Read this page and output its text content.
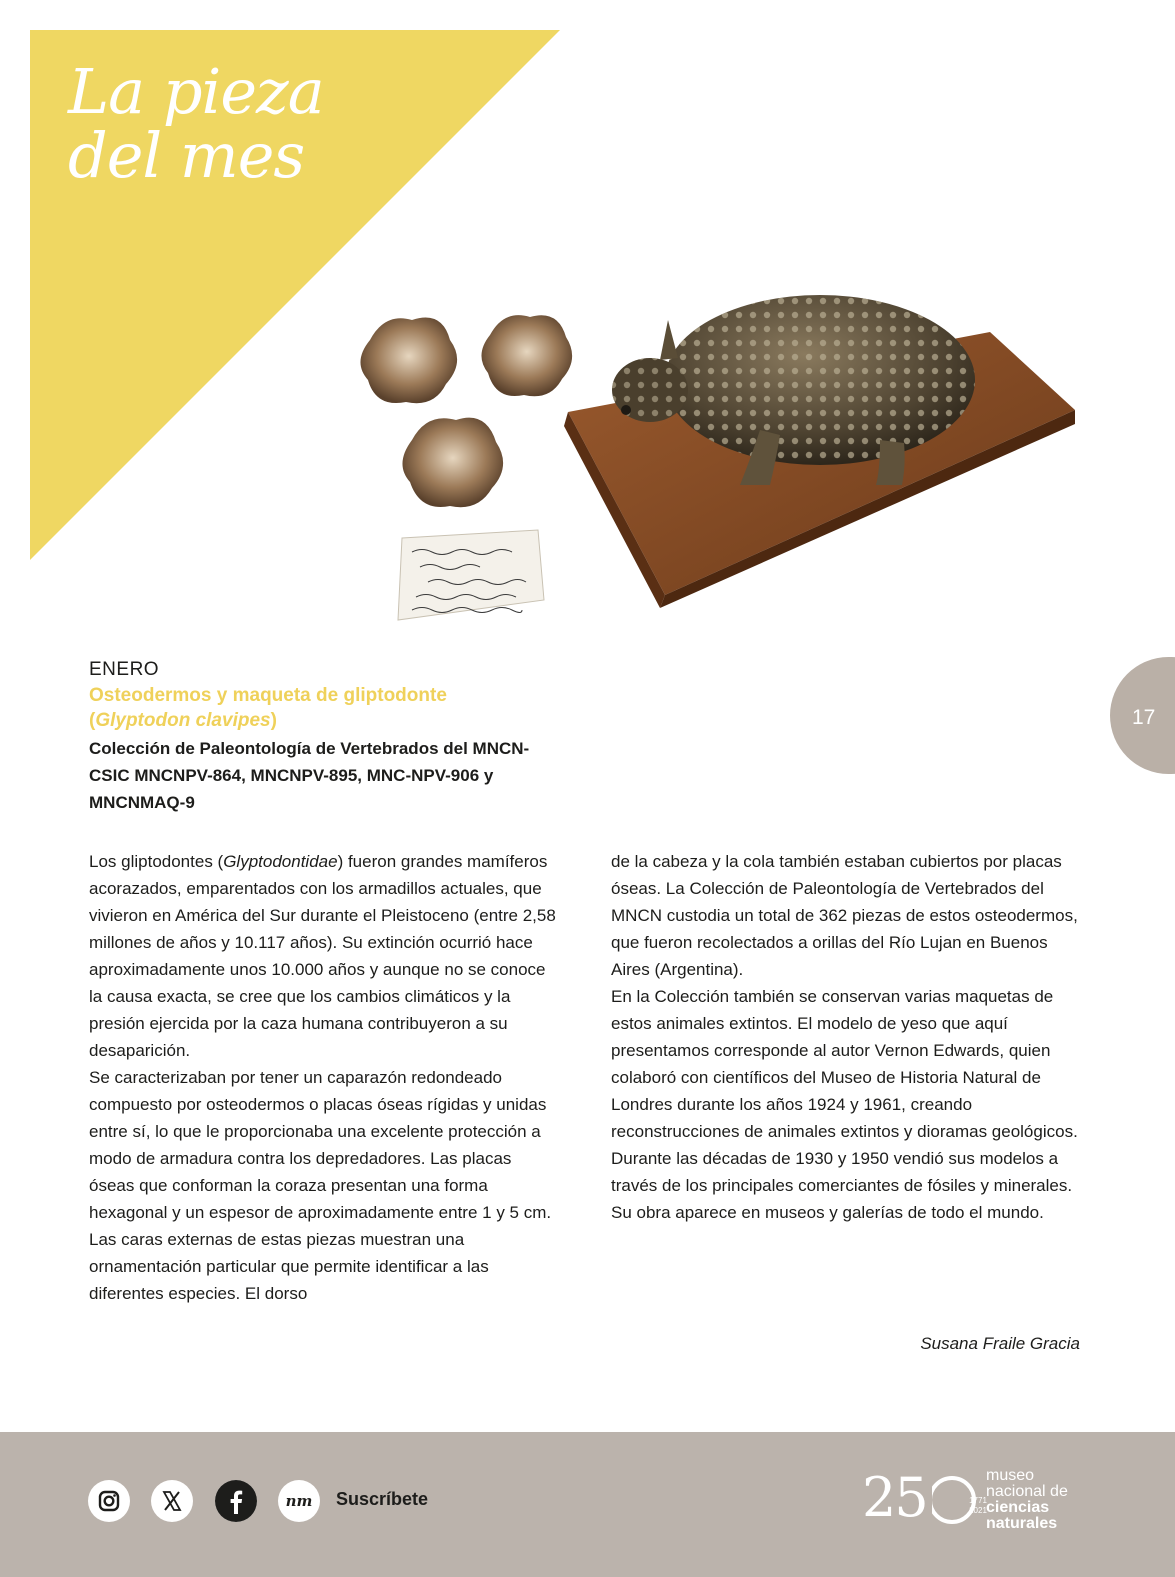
La pieza
del mes

ENERO

Osteodermos y maqueta de gliptodonte
(Glyptodon clavipes)

Colección de Paleontología de Vertebrados del MNCN-CSIC MNCNPV-864, MNCNPV-895, MNC-NPV-906 y MNCNMAQ-9

17

Los gliptodontes (Glyptodontidae) fueron grandes mamíferos acorazados, emparentados con los armadillos actuales, que vivieron en América del Sur durante el Pleistoceno (entre 2,58 millones de años y 10.117 años). Su extinción ocurrió hace aproximadamente unos 10.000 años y aunque no se conoce la causa exacta, se cree que los cambios climáticos y la presión ejercida por la caza humana contribuyeron a su desaparición.

Se caracterizaban por tener un caparazón redondeado compuesto por osteodermos o placas óseas rígidas y unidas entre sí, lo que le proporcionaba una excelente protección a modo de armadura contra los depredadores. Las placas óseas que conforman la coraza presentan una forma hexagonal y un espesor de aproximadamente entre 1 y 5 cm. Las caras externas de estas piezas muestran una ornamentación particular que permite identificar a las diferentes especies. El dorso

de la cabeza y la cola también estaban cubiertos por placas óseas. La Colección de Paleontología de Vertebrados del MNCN custodia un total de 362 piezas de estos osteodermos, que fueron recolectados a orillas del Río Lujan en Buenos Aires (Argentina).

En la Colección también se conservan varias maquetas de estos animales extintos. El modelo de yeso que aquí presentamos corresponde al autor Vernon Edwards, quien colaboró con científicos del Museo de Historia Natural de Londres durante los años 1924 y 1961, creando reconstrucciones de animales extintos y dioramas geológicos. Durante las décadas de 1930 y 1950 vendió sus modelos a través de los principales comerciantes de fósiles y minerales. Su obra aparece en museos y galerías de todo el mundo.

Susana Fraile Gracia

nm Suscríbete	25	1771
2021
museo
nacional de
ciencias
naturales
